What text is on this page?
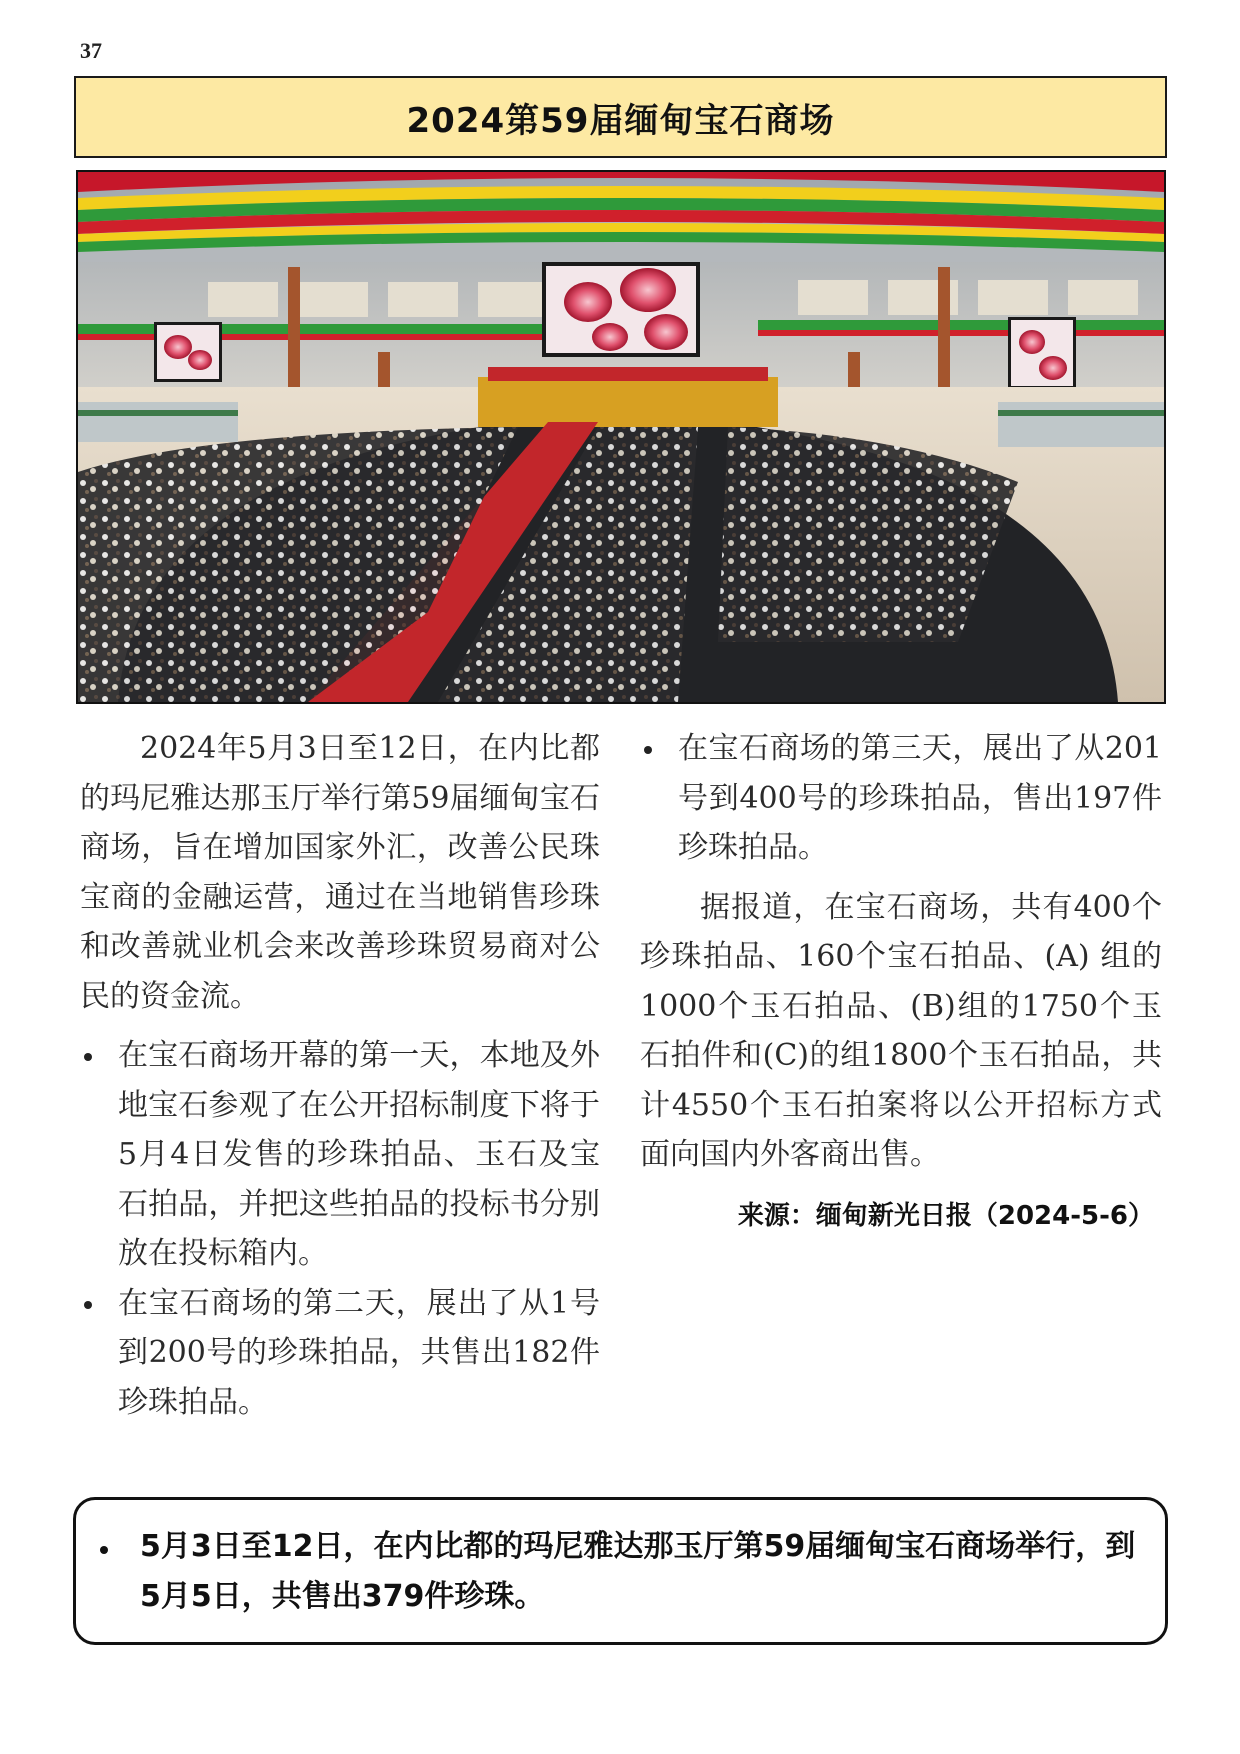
37
2024第59届缅甸宝石商场

2024年5月3日至12日，在内比都的玛尼雅达那玉厅举行第59届缅甸宝石商场，旨在增加国家外汇，改善公民珠宝商的金融运营，通过在当地销售珍珠和改善就业机会来改善珍珠贸易商对公民的资金流。

在宝石商场开幕的第一天，本地及外地宝石参观了在公开招标制度下将于5月4日发售的珍珠拍品、玉石及宝石拍品，并把这些拍品的投标书分别放在投标箱内。
在宝石商场的第二天，展出了从1号到200号的珍珠拍品，共售出182件珍珠拍品。
在宝石商场的第三天，展出了从201号到400号的珍珠拍品，售出197件珍珠拍品。

据报道，在宝石商场，共有400个珍珠拍品、160个宝石拍品、(A) 组的1000个玉石拍品、(B)组的1750个玉石拍件和(C)的组1800个玉石拍品，共计4550个玉石拍案将以公开招标方式面向国内外客商出售。

来源：缅甸新光日报（2024-5-6）
5月3日至12日，在内比都的玛尼雅达那玉厅第59届缅甸宝石商场举行，到5月5日，共售出379件珍珠。
